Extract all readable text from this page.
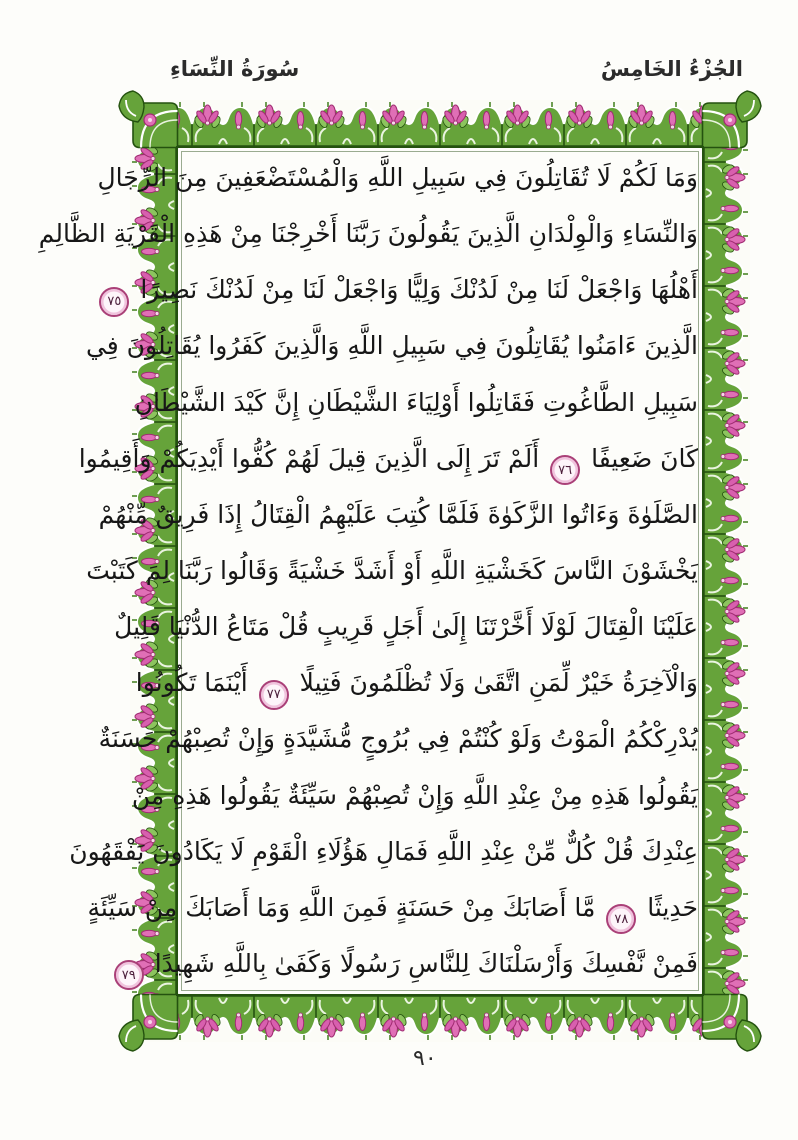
الجُزْءُ الخَامِسُ
سُورَةُ النِّسَاءِ
وَمَا لَكُمْ لَا تُقَاتِلُونَ فِي سَبِيلِ اللَّهِ وَالْمُسْتَضْعَفِينَ مِنَ الرِّجَالِ
وَالنِّسَاءِ وَالْوِلْدَانِ الَّذِينَ يَقُولُونَ رَبَّنَا أَخْرِجْنَا مِنْ هَذِهِ الْقَرْيَةِ الظَّالِمِ
أَهْلُهَا وَاجْعَلْ لَنَا مِنْ لَدُنْكَ وَلِيًّا وَاجْعَلْ لَنَا مِنْ لَدُنْكَ نَصِيرًا ٧٥
الَّذِينَ ءَامَنُوا يُقَاتِلُونَ فِي سَبِيلِ اللَّهِ وَالَّذِينَ كَفَرُوا يُقَاتِلُونَ فِي
سَبِيلِ الطَّاغُوتِ فَقَاتِلُوا أَوْلِيَاءَ الشَّيْطَانِ إِنَّ كَيْدَ الشَّيْطَانِ
كَانَ ضَعِيفًا ٧٦ أَلَمْ تَرَ إِلَى الَّذِينَ قِيلَ لَهُمْ كُفُّوا أَيْدِيَكُمْ وَأَقِيمُوا
الصَّلَوٰةَ وَءَاتُوا الزَّكَوٰةَ فَلَمَّا كُتِبَ عَلَيْهِمُ الْقِتَالُ إِذَا فَرِيقٌ مِّنْهُمْ
يَخْشَوْنَ النَّاسَ كَخَشْيَةِ اللَّهِ أَوْ أَشَدَّ خَشْيَةً وَقَالُوا رَبَّنَا لِمَ كَتَبْتَ
عَلَيْنَا الْقِتَالَ لَوْلَا أَخَّرْتَنَا إِلَىٰ أَجَلٍ قَرِيبٍ قُلْ مَتَاعُ الدُّنْيَا قَلِيلٌ
وَالْآخِرَةُ خَيْرٌ لِّمَنِ اتَّقَىٰ وَلَا تُظْلَمُونَ فَتِيلًا ٧٧ أَيْنَمَا تَكُونُوا
يُدْرِكْكُمُ الْمَوْتُ وَلَوْ كُنْتُمْ فِي بُرُوجٍ مُّشَيَّدَةٍ وَإِنْ تُصِبْهُمْ حَسَنَةٌ
يَقُولُوا هَذِهِ مِنْ عِنْدِ اللَّهِ وَإِنْ تُصِبْهُمْ سَيِّئَةٌ يَقُولُوا هَذِهِ مِنْ
عِنْدِكَ قُلْ كُلٌّ مِّنْ عِنْدِ اللَّهِ فَمَالِ هَؤُلَاءِ الْقَوْمِ لَا يَكَادُونَ يَفْقَهُونَ
حَدِيثًا ٧٨ مَّا أَصَابَكَ مِنْ حَسَنَةٍ فَمِنَ اللَّهِ وَمَا أَصَابَكَ مِنْ سَيِّئَةٍ
فَمِنْ نَّفْسِكَ وَأَرْسَلْنَاكَ لِلنَّاسِ رَسُولًا وَكَفَىٰ بِاللَّهِ شَهِيدًا ٧٩
٩٠
